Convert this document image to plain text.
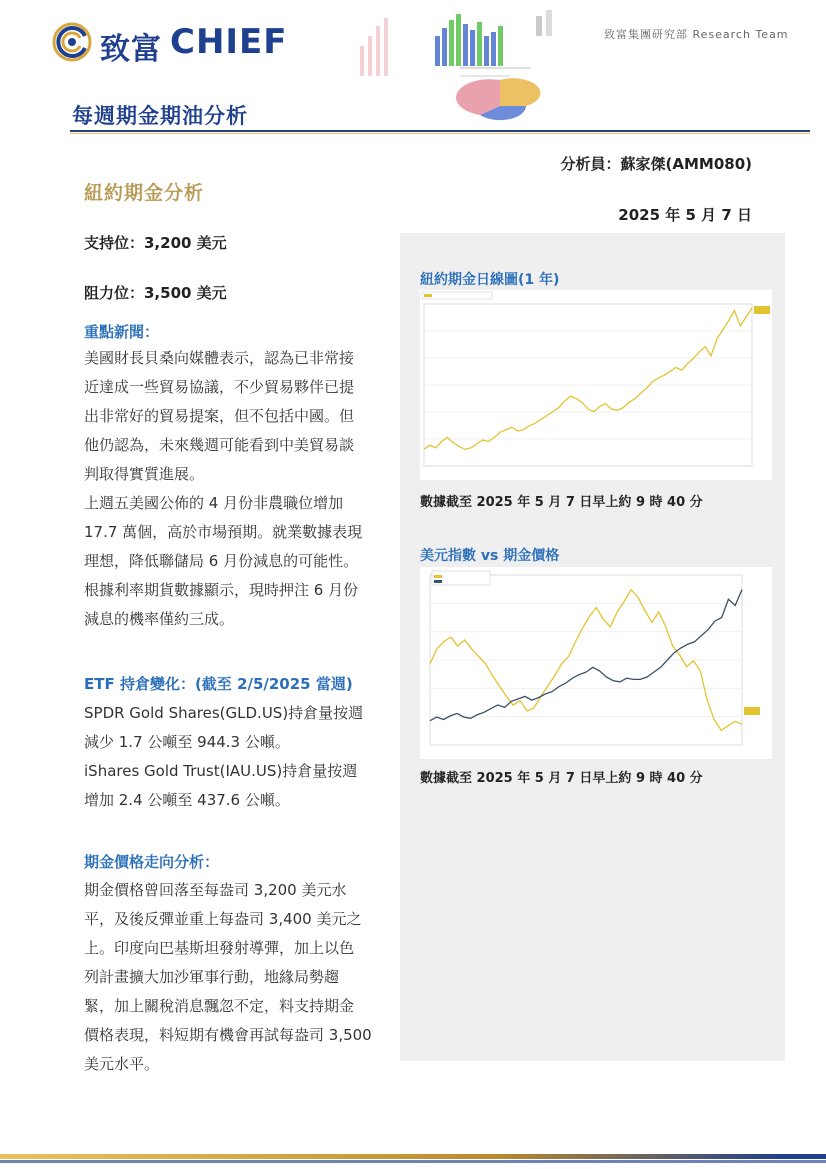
致富 CHIEF	致富集團研究部 Research Team
每週期金期油分析
分析員：蘇家傑(AMM080)
紐約期金分析
2025 年 5 月 7 日
支持位：3,200 美元
阻力位：3,500 美元
重點新聞：
美國財長貝桑向媒體表示，認為已非常接
近達成一些貿易協議，不少貿易夥伴已提
出非常好的貿易提案，但不包括中國。但
他仍認為，未來幾週可能看到中美貿易談
判取得實質進展。
上週五美國公佈的 4 月份非農職位增加
17.7 萬個，高於市場預期。就業數據表現
理想，降低聯儲局 6 月份減息的可能性。
根據利率期貨數據顯示，現時押注 6 月份
減息的機率僅約三成。
ETF 持倉變化：(截至 2/5/2025 當週)
SPDR Gold Shares(GLD.US)持倉量按週
減少 1.7 公噸至 944.3 公噸。
iShares Gold Trust(IAU.US)持倉量按週
增加 2.4 公噸至 437.6 公噸。
期金價格走向分析：
期金價格曾回落至每盎司 3,200 美元水
平，及後反彈並重上每盎司 3,400 美元之
上。印度向巴基斯坦發射導彈，加上以色
列計畫擴大加沙軍事行動，地緣局勢趨
緊，加上關稅消息飄忽不定，料支持期金
價格表現，料短期有機會再試每盎司 3,500
美元水平。
紐約期金日線圖(1 年)
數據截至 2025 年 5 月 7 日早上約 9 時 40 分
美元指數 vs 期金價格
數據截至 2025 年 5 月 7 日早上約 9 時 40 分
